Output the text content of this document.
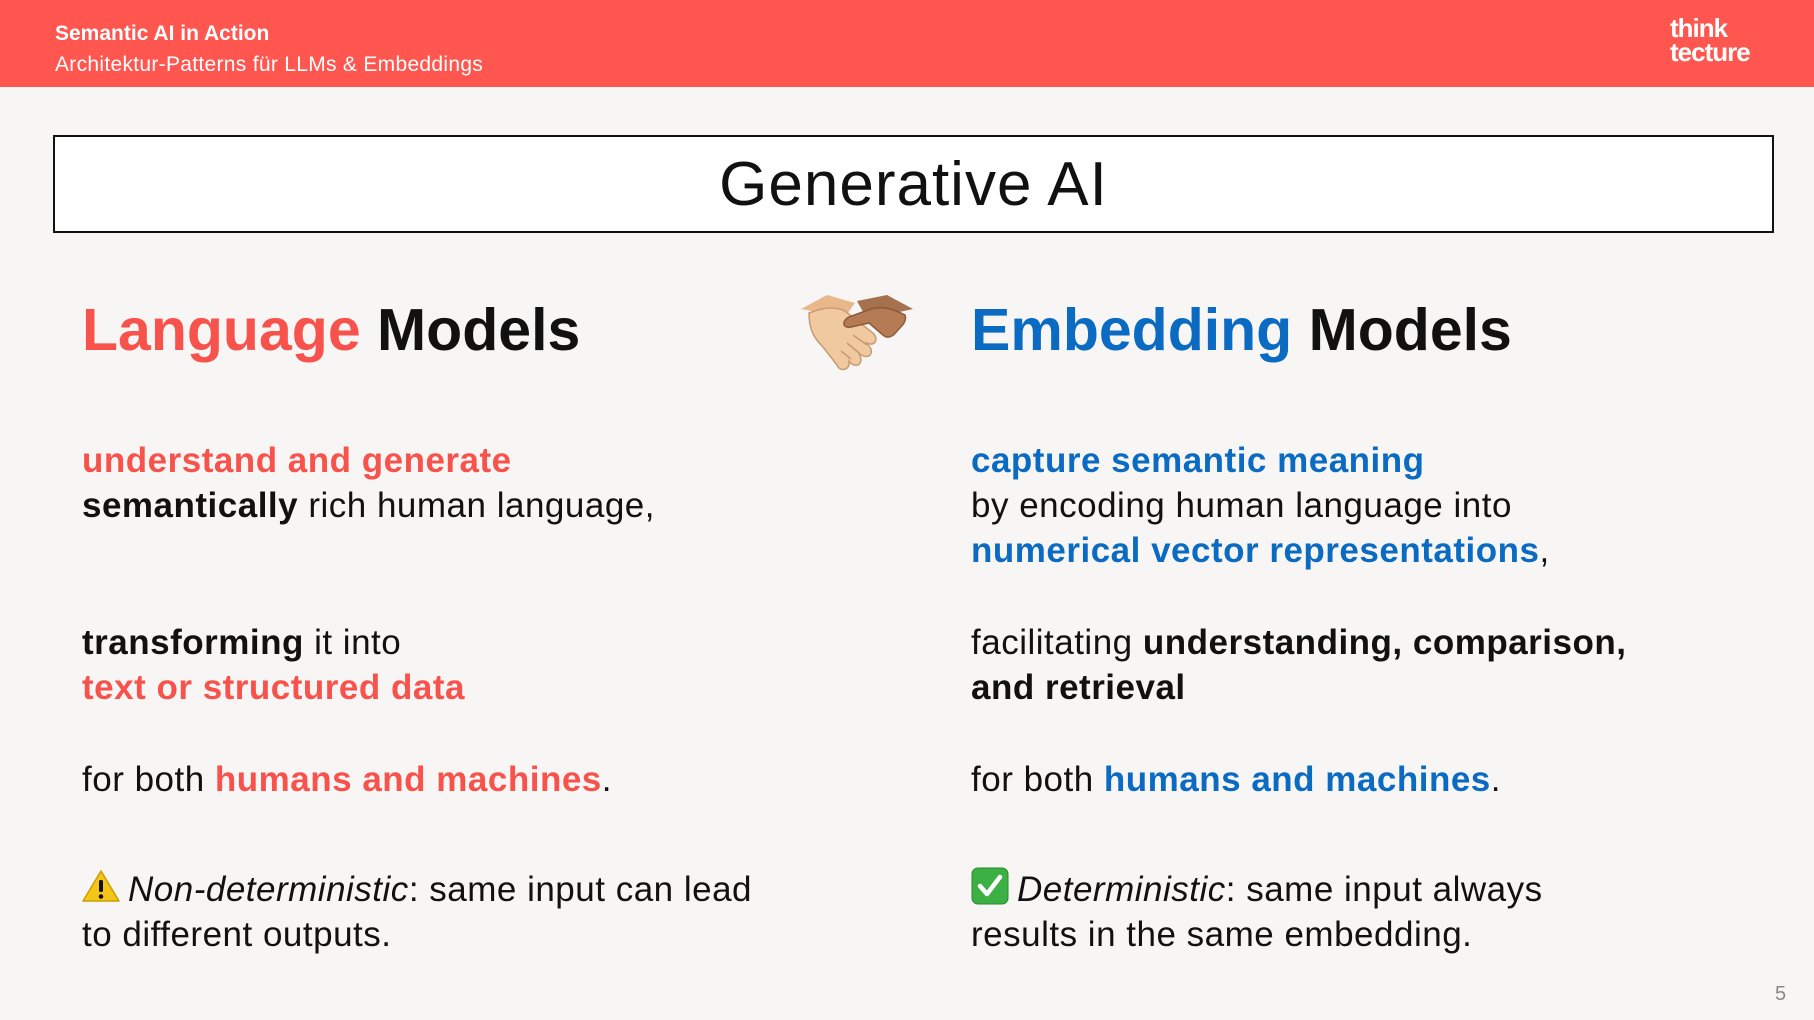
Semantic AI in Action
Architektur-Patterns für LLMs & Embeddings
think
tecture
Generative AI
Language Models
understand and generate
semantically rich human language,
transforming it into
text or structured data
for both humans and machines.
Non-deterministic: same input can lead
to different outputs.
Embedding Models
capture semantic meaning
by encoding human language into
numerical vector representations,
facilitating understanding, comparison,
and retrieval
for both humans and machines.
Deterministic: same input always
results in the same embedding.
5
